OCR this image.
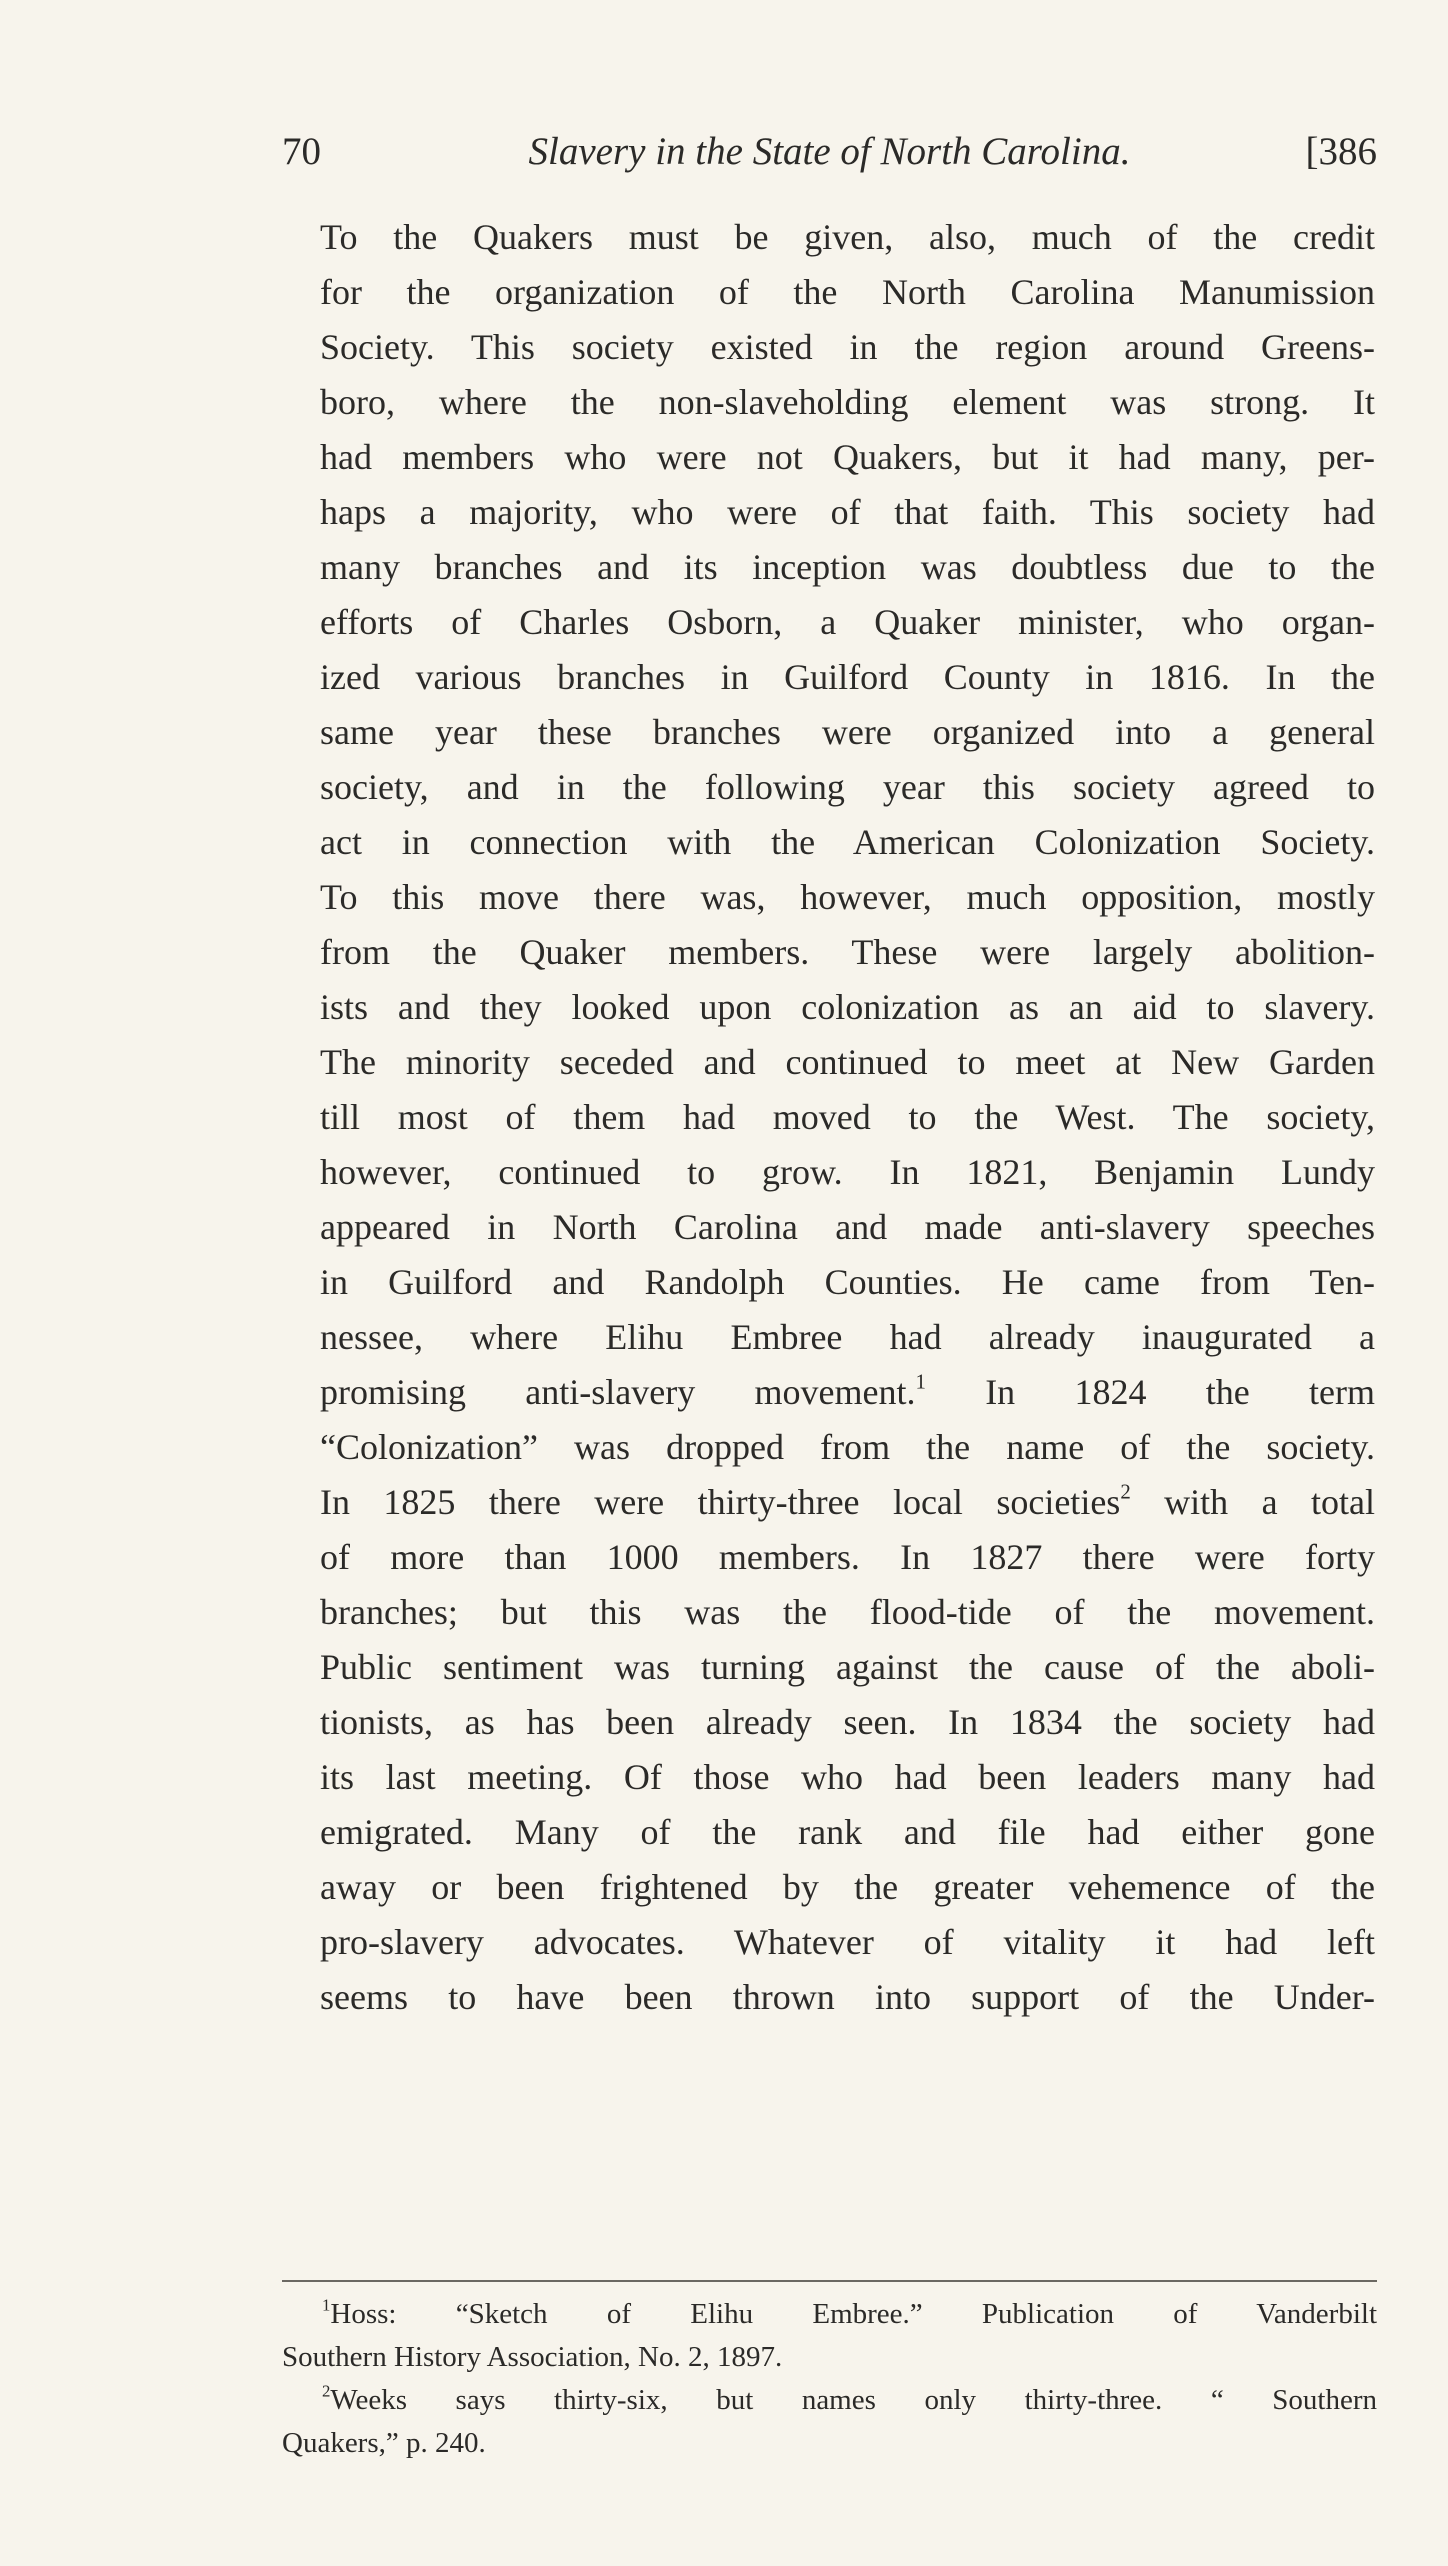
70	Slavery in the State of North Carolina.	[386
To the Quakers must be given, also, much of the credit
for the organization of the North Carolina Manumission
Society. This society existed in the region around Greens-
boro, where the non-slaveholding element was strong. It
had members who were not Quakers, but it had many, per-
haps a majority, who were of that faith. This society had
many branches and its inception was doubtless due to the
efforts of Charles Osborn, a Quaker minister, who organ-
ized various branches in Guilford County in 1816. In the
same year these branches were organized into a general
society, and in the following year this society agreed to
act in connection with the American Colonization Society.
To this move there was, however, much opposition, mostly
from the Quaker members. These were largely abolition-
ists and they looked upon colonization as an aid to slavery.
The minority seceded and continued to meet at New Garden
till most of them had moved to the West. The society,
however, continued to grow. In 1821, Benjamin Lundy
appeared in North Carolina and made anti-slavery speeches
in Guilford and Randolph Counties. He came from Ten-
nessee, where Elihu Embree had already inaugurated a
promising anti-slavery movement.$^1$ In 1824 the term
“Colonization” was dropped from the name of the society.
In 1825 there were thirty-three local societies$^2$ with a total
of more than 1000 members. In 1827 there were forty
branches; but this was the flood-tide of the movement.
Public sentiment was turning against the cause of the aboli-
tionists, as has been already seen. In 1834 the society had
its last meeting. Of those who had been leaders many had
emigrated. Many of the rank and file had either gone
away or been frightened by the greater vehemence of the
pro-slavery advocates. Whatever of vitality it had left
seems to have been thrown into support of the Under-
$^1$Hoss: “Sketch of Elihu Embree.” Publication of Vanderbilt
Southern History Association, No. 2, 1897.
$^2$Weeks says thirty-six, but names only thirty-three. “ Southern
Quakers,” p. 240.
